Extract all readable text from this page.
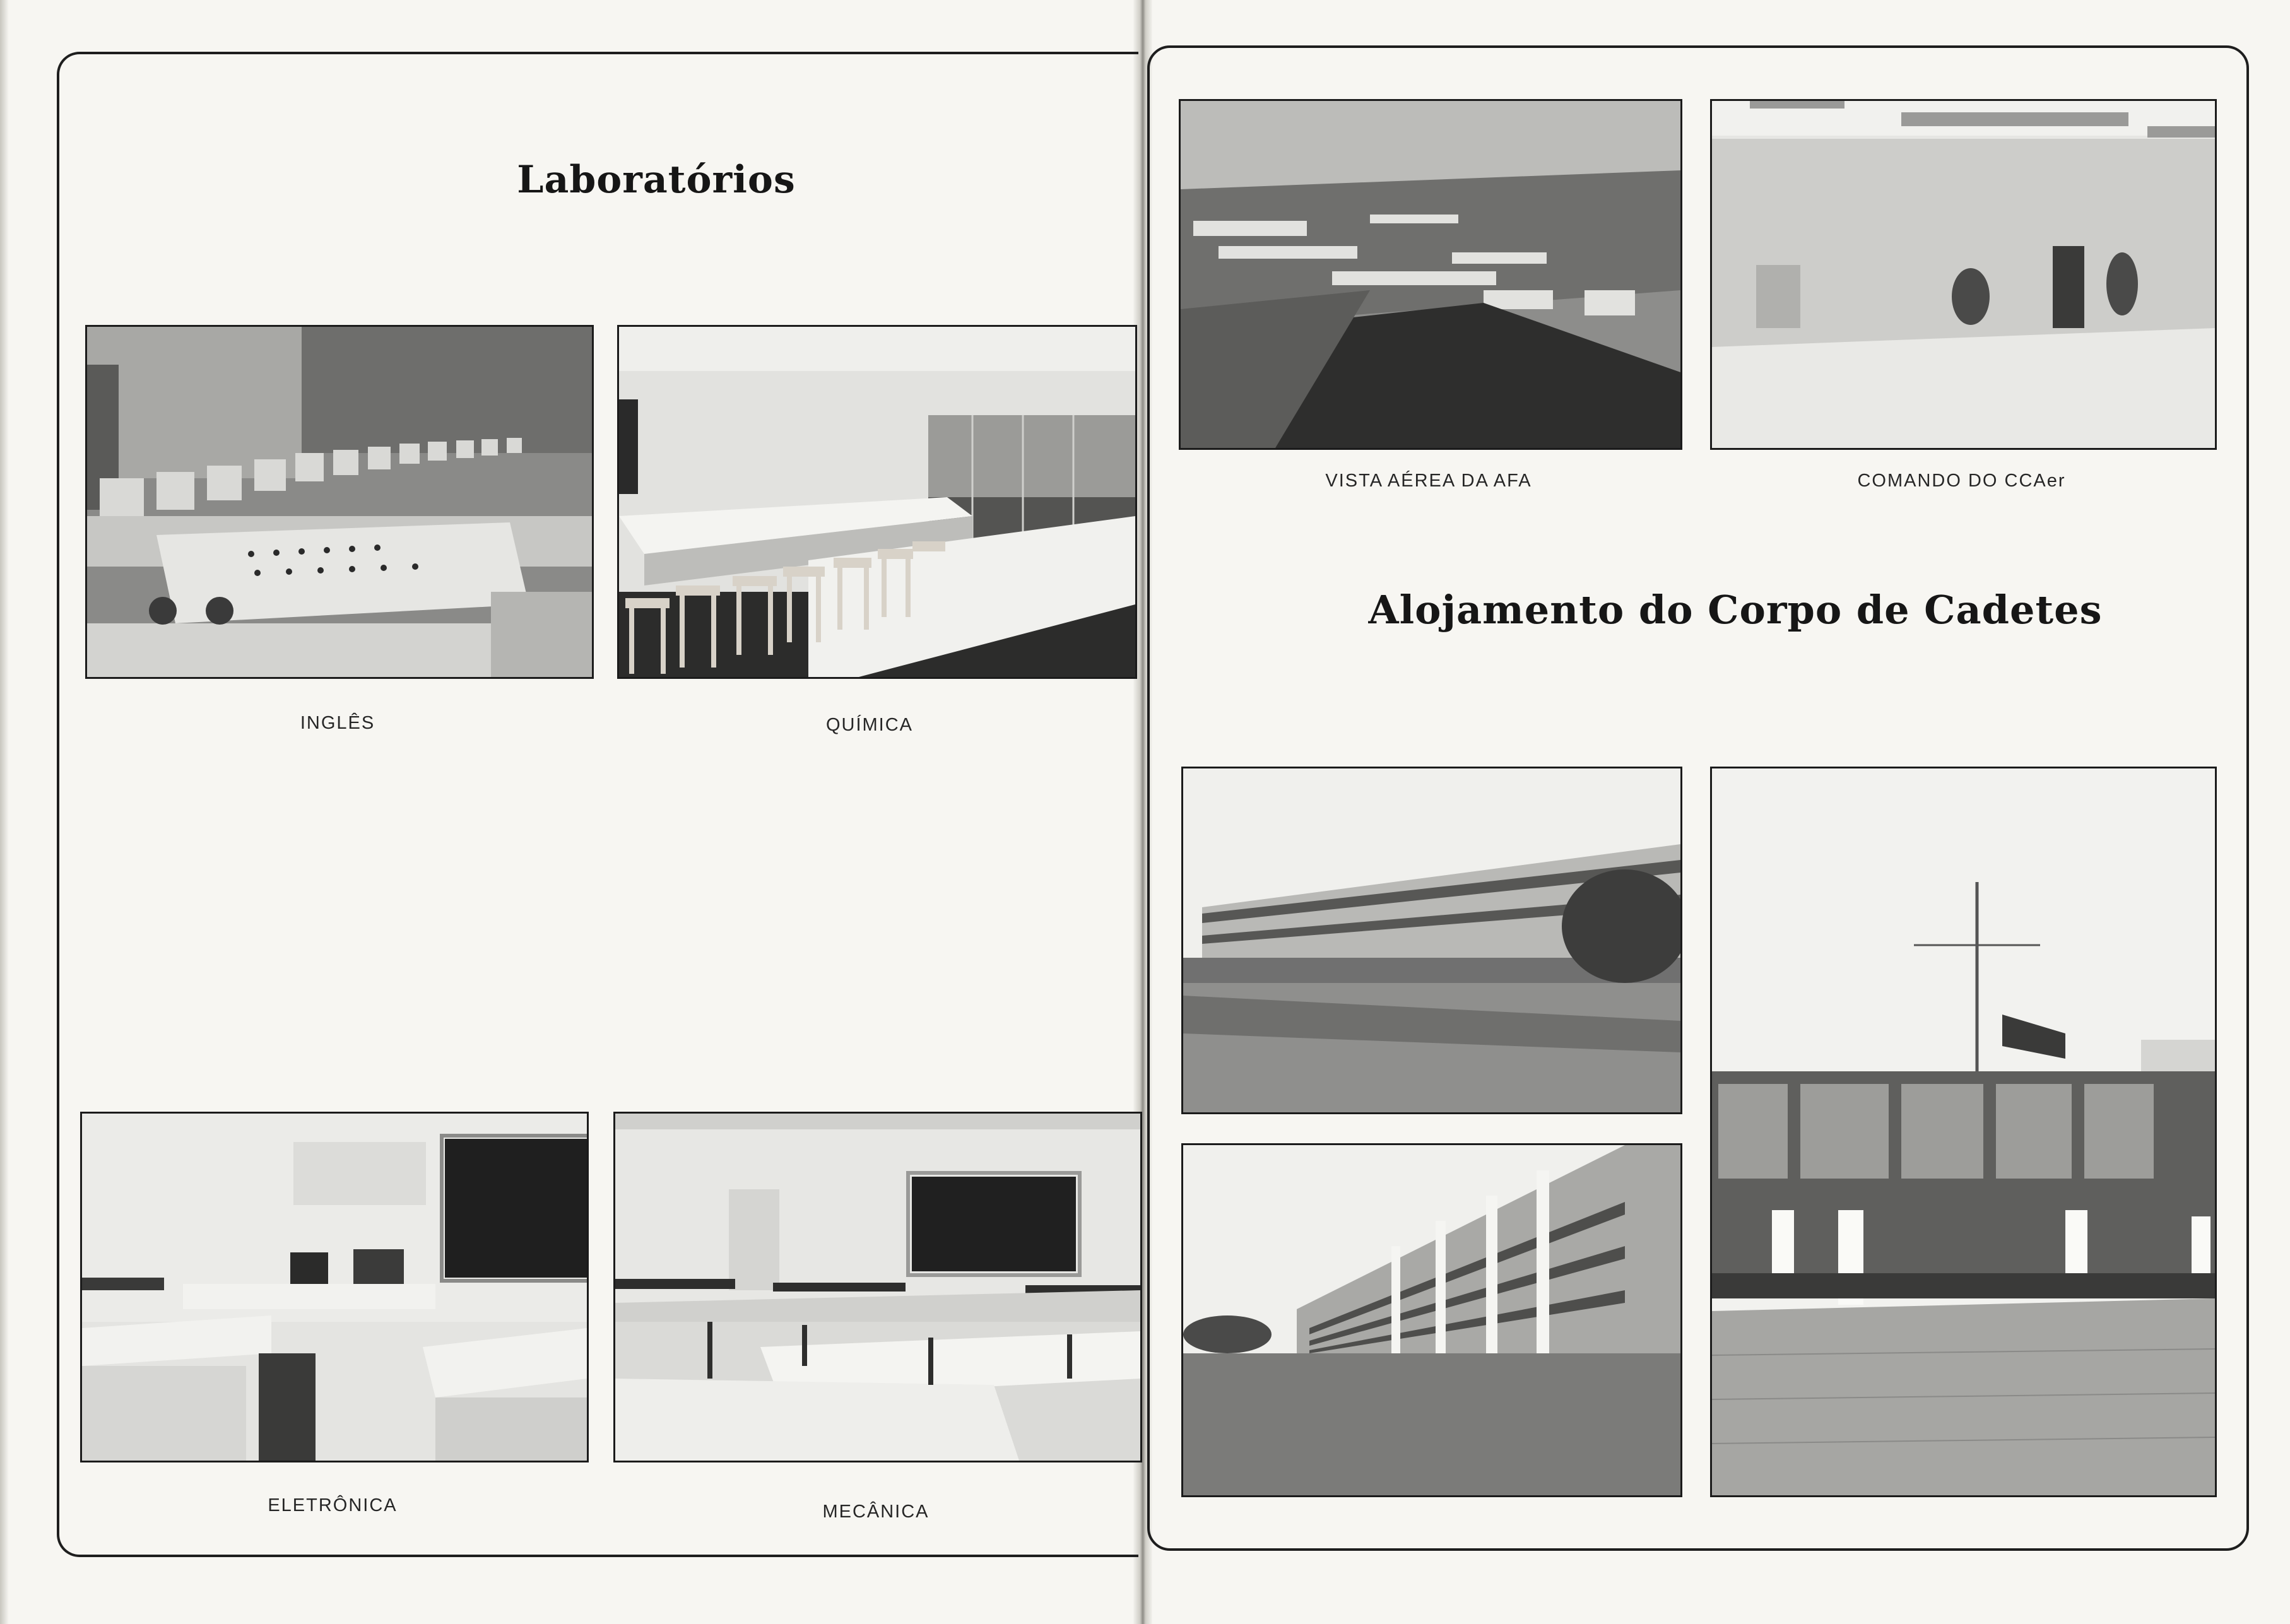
Laboratórios

INGLÊS	QUÍMICA

ELETRÔNICA	MECÂNICA

VISTA AÉREA DA AFA	COMANDO DO CCAer

Alojamento do Corpo de Cadetes
